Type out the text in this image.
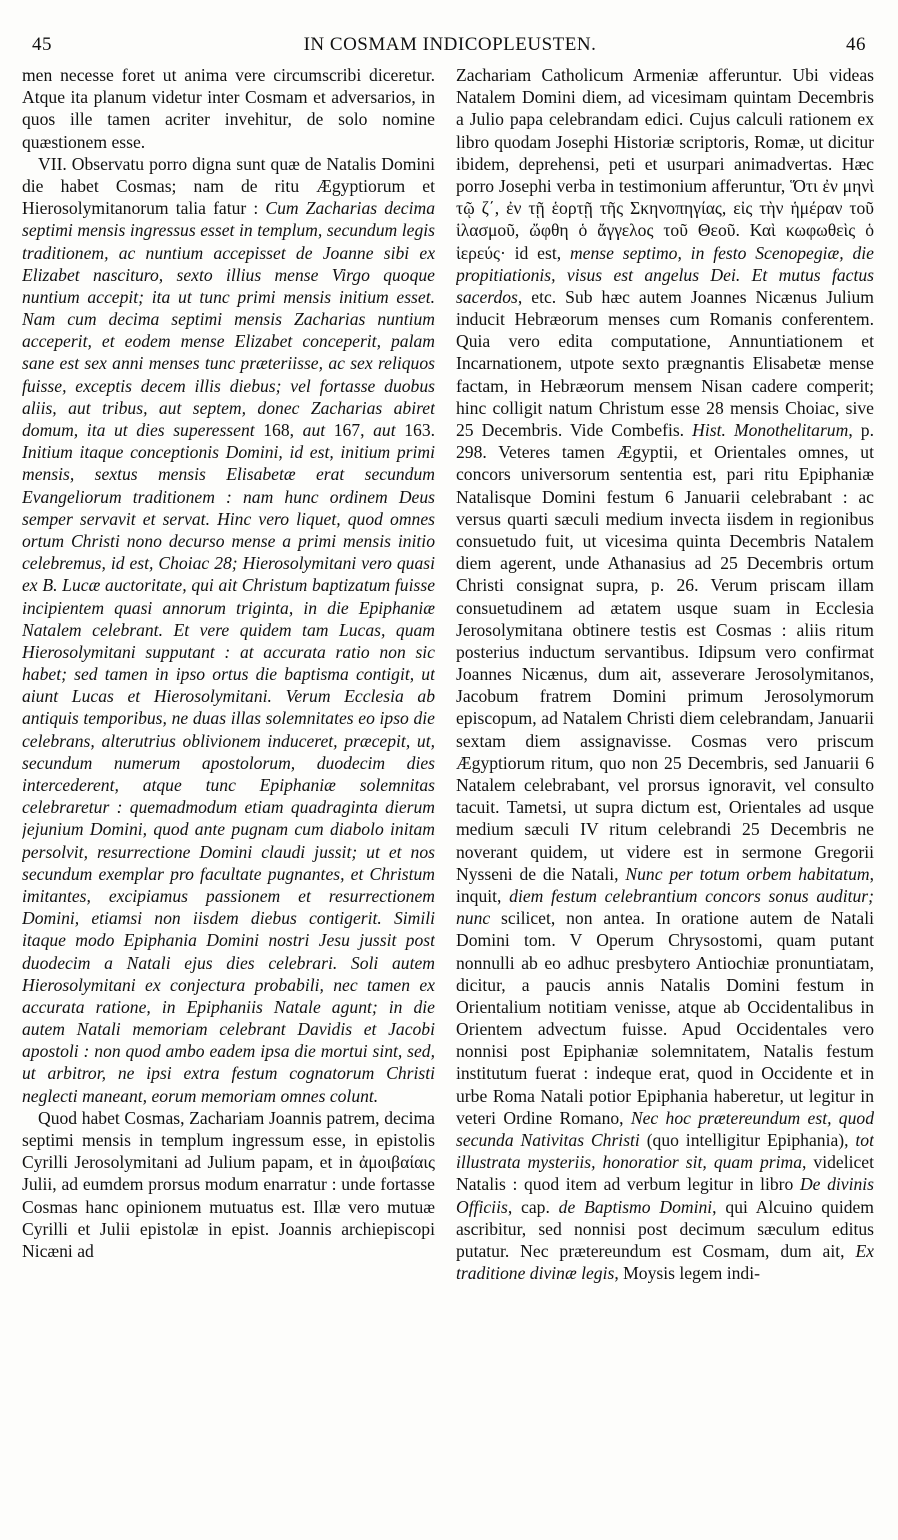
45	IN COSMAM INDICOPLEUSTEN.	46

men necesse foret ut anima vere circumscribi diceretur. Atque ita planum videtur inter Cosmam et adversarios, in quos ille tamen acriter invehitur, de solo nomine quæstionem esse.

VII. Observatu porro digna sunt quæ de Natalis Domini die habet Cosmas; nam de ritu Ægyptiorum et Hierosolymitanorum talia fatur : Cum Zacharias decima septimi mensis ingressus esset in templum, secundum legis traditionem, ac nuntium accepisset de Joanne sibi ex Elizabet nascituro, sexto illius mense Virgo quoque nuntium accepit; ita ut tunc primi mensis initium esset. Nam cum decima septimi mensis Zacharias nuntium acceperit, et eodem mense Elizabet conceperit, palam sane est sex anni menses tunc præteriisse, ac sex reliquos fuisse, exceptis decem illis diebus; vel fortasse duobus aliis, aut tribus, aut septem, donec Zacharias abiret domum, ita ut dies superessent 168, aut 167, aut 163. Initium itaque conceptionis Domini, id est, initium primi mensis, sextus mensis Elisabetæ erat secundum Evangeliorum traditionem : nam hunc ordinem Deus semper servavit et servat. Hinc vero liquet, quod omnes ortum Christi nono decurso mense a primi mensis initio celebremus, id est, Choiac 28; Hierosolymitani vero quasi ex B. Lucæ auctoritate, qui ait Christum baptizatum fuisse incipientem quasi annorum triginta, in die Epiphaniæ Natalem celebrant. Et vere quidem tam Lucas, quam Hierosolymitani supputant : at accurata ratio non sic habet; sed tamen in ipso ortus die baptisma contigit, ut aiunt Lucas et Hierosolymitani. Verum Ecclesia ab antiquis temporibus, ne duas illas solemnitates eo ipso die celebrans, alterutrius oblivionem induceret, præcepit, ut, secundum numerum apostolorum, duodecim dies intercederent, atque tunc Epiphaniæ solemnitas celebraretur : quemadmodum etiam quadraginta dierum jejunium Domini, quod ante pugnam cum diabolo initam persolvit, resurrectione Domini claudi jussit; ut et nos secundum exemplar pro facultate pugnantes, et Christum imitantes, excipiamus passionem et resurrectionem Domini, etiamsi non iisdem diebus contigerit. Simili itaque modo Epiphania Domini nostri Jesu jussit post duodecim a Natali ejus dies celebrari. Soli autem Hierosolymitani ex conjectura probabili, nec tamen ex accurata ratione, in Epiphaniis Natale agunt; in die autem Natali memoriam celebrant Davidis et Jacobi apostoli : non quod ambo eadem ipsa die mortui sint, sed, ut arbitror, ne ipsi extra festum cognatorum Christi neglecti maneant, eorum memoriam omnes colunt.

Quod habet Cosmas, Zachariam Joannis patrem, decima septimi mensis in templum ingressum esse, in epistolis Cyrilli Jerosolymitani ad Julium papam, et in ἀμοιβαίαις Julii, ad eumdem prorsus modum enarratur : unde fortasse Cosmas hanc opinionem mutuatus est. Illæ vero mutuæ Cyrilli et Julii epistolæ in epist. Joannis archiepiscopi Nicæni ad

Zachariam Catholicum Armeniæ afferuntur. Ubi videas Natalem Domini diem, ad vicesimam quintam Decembris a Julio papa celebrandam edici. Cujus calculi rationem ex libro quodam Josephi Historiæ scriptoris, Romæ, ut dicitur ibidem, deprehensi, peti et usurpari animadvertas. Hæc porro Josephi verba in testimonium afferuntur, Ὅτι ἐν μηνὶ τῷ ζ΄, ἐν τῇ ἑορτῇ τῆς Σκηνοπηγίας, εἰς τὴν ἡμέραν τοῦ ἱλασμοῦ, ὤφθη ὁ ἄγγελος τοῦ Θεοῦ. Καὶ κωφωθεὶς ὁ ἱερεύς· id est, mense septimo, in festo Scenopegiæ, die propitiationis, visus est angelus Dei. Et mutus factus sacerdos, etc. Sub hæc autem Joannes Nicænus Julium inducit Hebræorum menses cum Romanis conferentem. Quia vero edita computatione, Annuntiationem et Incarnationem, utpote sexto prægnantis Elisabetæ mense factam, in Hebræorum mensem Nisan cadere comperit; hinc colligit natum Christum esse 28 mensis Choiac, sive 25 Decembris. Vide Combefis. Hist. Monothelitarum, p. 298. Veteres tamen Ægyptii, et Orientales omnes, ut concors universorum sententia est, pari ritu Epiphaniæ Natalisque Domini festum 6 Januarii celebrabant : ac versus quarti sæculi medium invecta iisdem in regionibus consuetudo fuit, ut vicesima quinta Decembris Natalem diem agerent, unde Athanasius ad 25 Decembris ortum Christi consignat supra, p. 26. Verum priscam illam consuetudinem ad ætatem usque suam in Ecclesia Jerosolymitana obtinere testis est Cosmas : aliis ritum posterius inductum servantibus. Idipsum vero confirmat Joannes Nicænus, dum ait, asseverare Jerosolymitanos, Jacobum fratrem Domini primum Jerosolymorum episcopum, ad Natalem Christi diem celebrandam, Januarii sextam diem assignavisse. Cosmas vero priscum Ægyptiorum ritum, quo non 25 Decembris, sed Januarii 6 Natalem celebrabant, vel prorsus ignoravit, vel consulto tacuit. Tametsi, ut supra dictum est, Orientales ad usque medium sæculi IV ritum celebrandi 25 Decembris ne noverant quidem, ut videre est in sermone Gregorii Nysseni de die Natali, Nunc per totum orbem habitatum, inquit, diem festum celebrantium concors sonus auditur; nunc scilicet, non antea. In oratione autem de Natali Domini tom. V Operum Chrysostomi, quam putant nonnulli ab eo adhuc presbytero Antiochiæ pronuntiatam, dicitur, a paucis annis Natalis Domini festum in Orientalium notitiam venisse, atque ab Occidentalibus in Orientem advectum fuisse. Apud Occidentales vero nonnisi post Epiphaniæ solemnitatem, Natalis festum institutum fuerat : indeque erat, quod in Occidente et in urbe Roma Natali potior Epiphania haberetur, ut legitur in veteri Ordine Romano, Nec hoc prætereundum est, quod secunda Nativitas Christi (quo intelligitur Epiphania), tot illustrata mysteriis, honoratior sit, quam prima, videlicet Natalis : quod item ad verbum legitur in libro De divinis Officiis, cap. de Baptismo Domini, qui Alcuino quidem ascribitur, sed nonnisi post decimum sæculum editus putatur. Nec prætereundum est Cosmam, dum ait, Ex traditione divinæ legis, Moysis legem indi-
